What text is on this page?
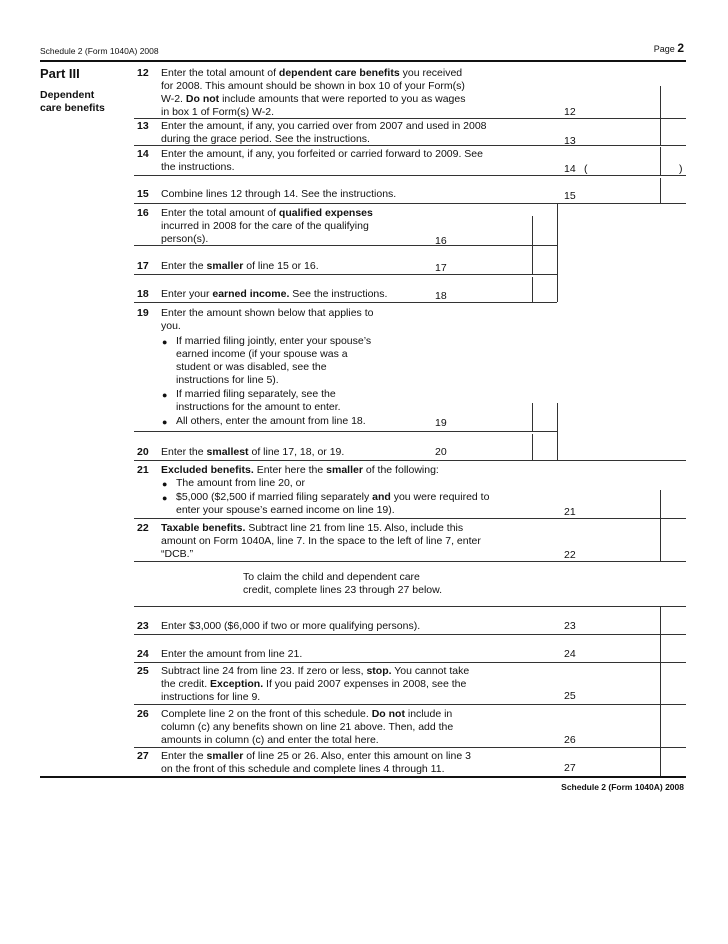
Schedule 2 (Form 1040A) 2008	Page 2
Part III
Dependent
care benefits
12 Enter the total amount of dependent care benefits you received
for 2008. This amount should be shown in box 10 of your Form(s)
W-2. Do not include amounts that were reported to you as wages
in box 1 of Form(s) W-2.	12
13 Enter the amount, if any, you carried over from 2007 and used in 2008
during the grace period. See the instructions.	13
14 Enter the amount, if any, you forfeited or carried forward to 2009. See
the instructions.	14 (	)
15 Combine lines 12 through 14. See the instructions.	15
16 Enter the total amount of qualified expenses
incurred in 2008 for the care of the qualifying
person(s).	16
17 Enter the smaller of line 15 or 16.	17
18 Enter your earned income. See the instructions.	18
19 Enter the amount shown below that applies to
you.
● If married filing jointly, enter your spouse’s
earned income (if your spouse was a
student or was disabled, see the
instructions for line 5).
● If married filing separately, see the
instructions for the amount to enter.
● All others, enter the amount from line 18.	19
20 Enter the smallest of line 17, 18, or 19.	20
21 Excluded benefits. Enter here the smaller of the following:
● The amount from line 20, or
● $5,000 ($2,500 if married filing separately and you were required to
enter your spouse’s earned income on line 19).	21
22 Taxable benefits. Subtract line 21 from line 15. Also, include this
amount on Form 1040A, line 7. In the space to the left of line 7, enter
“DCB.”	22
To claim the child and dependent care
credit, complete lines 23 through 27 below.
23 Enter $3,000 ($6,000 if two or more qualifying persons).	23
24 Enter the amount from line 21.	24
25 Subtract line 24 from line 23. If zero or less, stop. You cannot take
the credit. Exception. If you paid 2007 expenses in 2008, see the
instructions for line 9.	25
26 Complete line 2 on the front of this schedule. Do not include in
column (c) any benefits shown on line 21 above. Then, add the
amounts in column (c) and enter the total here.	26
27 Enter the smaller of line 25 or 26. Also, enter this amount on line 3
on the front of this schedule and complete lines 4 through 11.	27
Schedule 2 (Form 1040A) 2008
